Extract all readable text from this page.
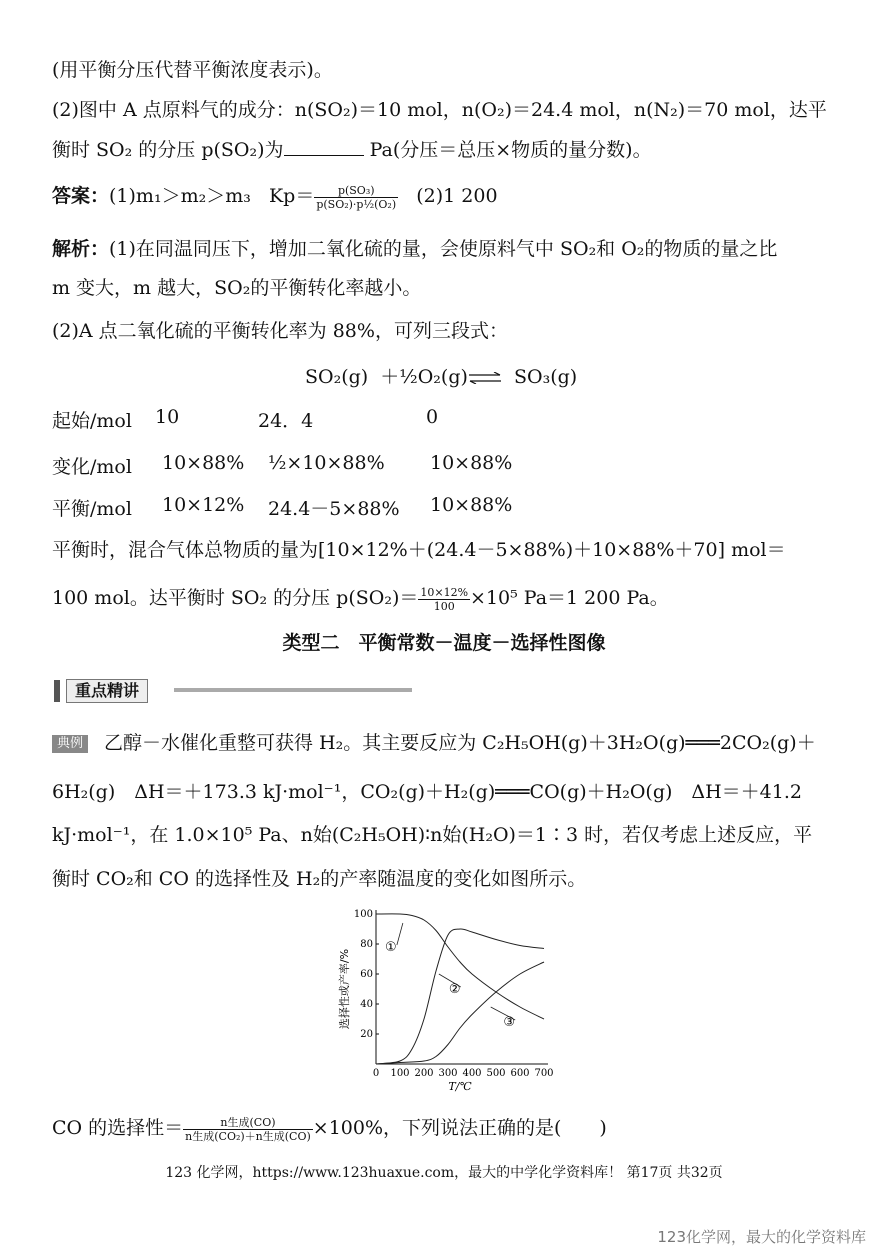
(用平衡分压代替平衡浓度表示)。
(2)图中 A 点原料气的成分：n(SO₂)＝10 mol，n(O₂)＝24.4 mol，n(N₂)＝70 mol，达平
衡时 SO₂ 的分压 p(SO₂)为	Pa(分压＝总压×物质的量分数)。
答案：(1)m₁＞m₂＞m₃ $Kp= \frac{\text{p(SO₃)}}{\text{p(SO₂)·p½(O₂)}} (2)1$ 200
解析：(1)在同温同压下，增加二氧化硫的量，会使原料气中 SO₂和 O₂的物质的量之比
m 变大，m 越大，SO₂的平衡转化率越小。
(2)A 点二氧化硫的平衡转化率为 88%，可列三段式：
SO₂(g) ＋½O₂(g)⇌ SO₃(g)
起始/mol 10	24．4	0
变化/mol 10×88% ½×10×88% 10×88%
平衡/mol 10×12% 24.4－5×88% 10×88%
平衡时，混合气体总物质的量为[10×12%＋(24.4－5×88%)＋10×88%＋70] mol＝
100 mol。达平衡时 SO₂ 的分压 $p(SO_2)= \frac{10\times 12\%}{100} \times 10^5$ Pa＝1 200 Pa。
类型二　平衡常数－温度－选择性图像
重点精讲
典例 乙醇－水催化重整可获得 H₂。其主要反应为 C₂H₅OH(g)＋3H₂O(g)═══2CO₂(g)＋
6H₂(g)　ΔH＝＋173.3 kJ·mol⁻¹，CO₂(g)＋H₂(g)═══CO(g)＋H₂O(g)　ΔH＝＋41.2
kJ·mol⁻¹，在 1.0×10⁵ Pa、n始(C₂H₅OH)∶n始(H₂O)＝1∶3 时，若仅考虑上述反应，平
衡时 CO₂和 CO 的选择性及 H₂的产率随温度的变化如图所示。
0 100 200 300 400 500 600 700
20
40
60
80
100
T/℃
选择性或产率/%
①
②
③
CO 的选择性＝ $\frac{\text{n生成(CO)}}{\text{n生成(CO₂)＋n生成(CO)}} \times 100\%$，下列说法正确的是(　　)
123 化学网，https://www.123huaxue.com，最大的中学化学资料库！ 第17页 共32页
123化学网，最大的化学资料库
